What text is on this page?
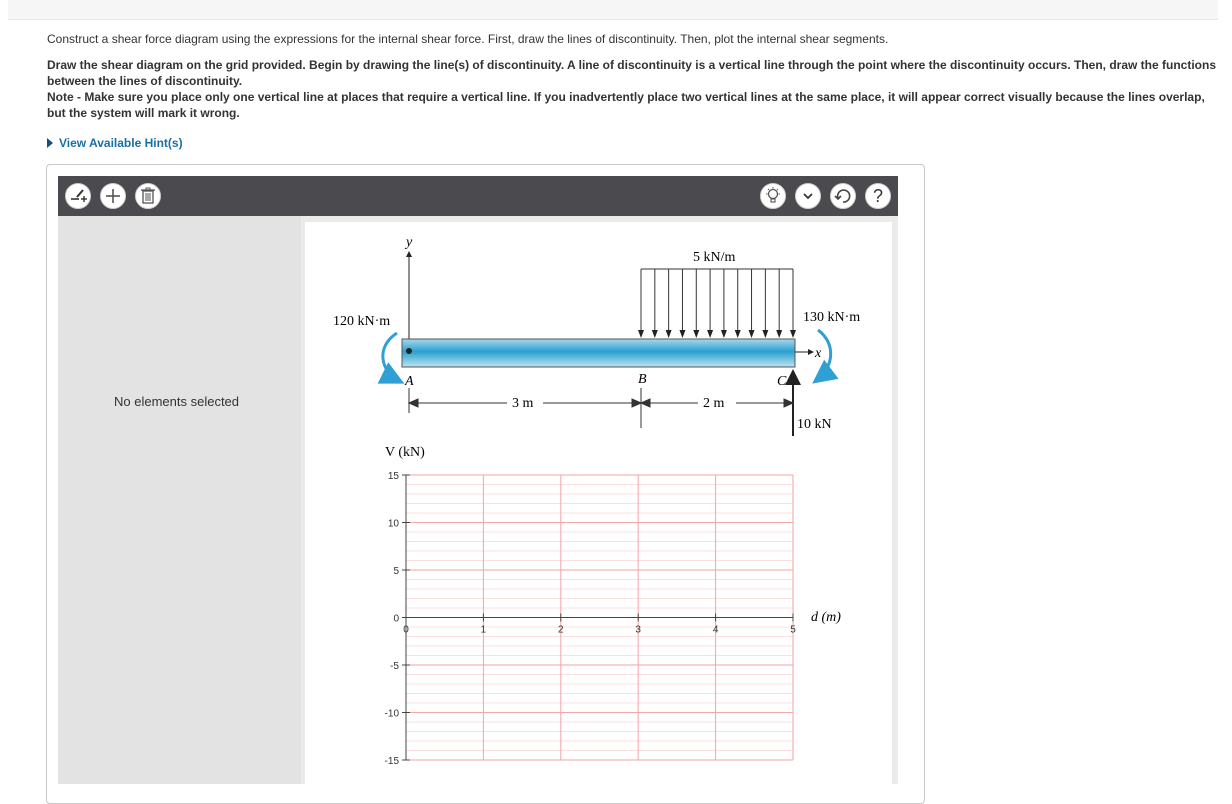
Construct a shear force diagram using the expressions for the internal shear force. First, draw the lines of discontinuity. Then, plot the internal shear segments.

Draw the shear diagram on the grid provided. Begin by drawing the line(s) of discontinuity. A line of discontinuity is a vertical line through the point where the discontinuity occurs. Then, draw the functions between the lines of discontinuity.
Note - Make sure you place only one vertical line at places that require a vertical line. If you inadvertently place two vertical lines at the same place, it will appear correct visually because the lines overlap, but the system will mark it wrong.
View Available Hint(s)
?
No elements selected
y
x
5 kN/m
120 kN·m	130 kN·m
A	B	C
10 kN
3 m	2 m
V (kN)
d (m)
15
10
5
0
-5
-10
-15
0	1	2	3	4	5
